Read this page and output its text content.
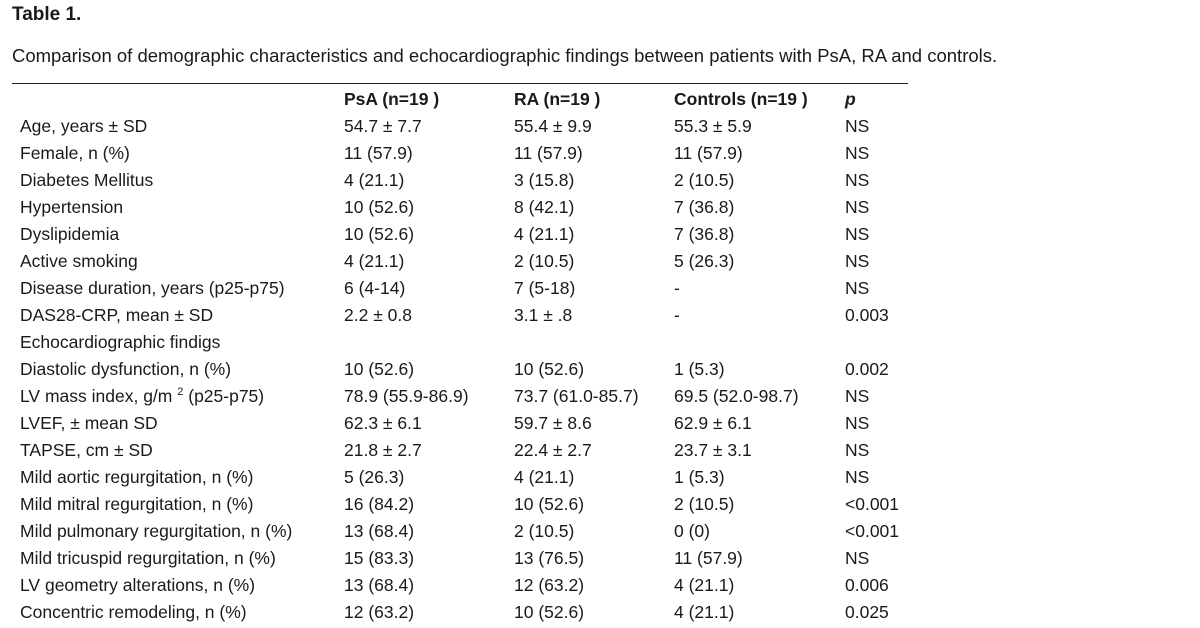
Table 1.

Comparison of demographic characteristics and echocardiographic findings between patients with PsA, RA and controls.

	PsA (n=19 )	RA (n=19 )	Controls (n=19 )	p
Age, years ± SD	54.7 ± 7.7	55.4 ± 9.9	55.3 ± 5.9	NS
Female, n (%)	11 (57.9)	11 (57.9)	11 (57.9)	NS
Diabetes Mellitus	4 (21.1)	3 (15.8)	2 (10.5)	NS
Hypertension	10 (52.6)	8 (42.1)	7 (36.8)	NS
Dyslipidemia	10 (52.6)	4 (21.1)	7 (36.8)	NS
Active smoking	4 (21.1)	2 (10.5)	5 (26.3)	NS
Disease duration, years (p25-p75)	6 (4-14)	7 (5-18)	-	NS
DAS28-CRP, mean ± SD	2.2 ± 0.8	3.1 ± .8	-	0.003
Echocardiographic findigs				
Diastolic dysfunction, n (%)	10 (52.6)	10 (52.6)	1 (5.3)	0.002
LV mass index, g/m $^2$ (p25-p75)	78.9 (55.9-86.9)	73.7 (61.0-85.7)	69.5 (52.0-98.7)	NS
LVEF, ± mean SD	62.3 ± 6.1	59.7 ± 8.6	62.9 ± 6.1	NS
TAPSE, cm ± SD	21.8 ± 2.7	22.4 ± 2.7	23.7 ± 3.1	NS
Mild aortic regurgitation, n (%)	5 (26.3)	4 (21.1)	1 (5.3)	NS
Mild mitral regurgitation, n (%)	16 (84.2)	10 (52.6)	2 (10.5)	<0.001
Mild pulmonary regurgitation, n (%)	13 (68.4)	2 (10.5)	0 (0)	<0.001
Mild tricuspid regurgitation, n (%)	15 (83.3)	13 (76.5)	11 (57.9)	NS
LV geometry alterations, n (%)	13 (68.4)	12 (63.2)	4 (21.1)	0.006
Concentric remodeling, n (%)	12 (63.2)	10 (52.6)	4 (21.1)	0.025
